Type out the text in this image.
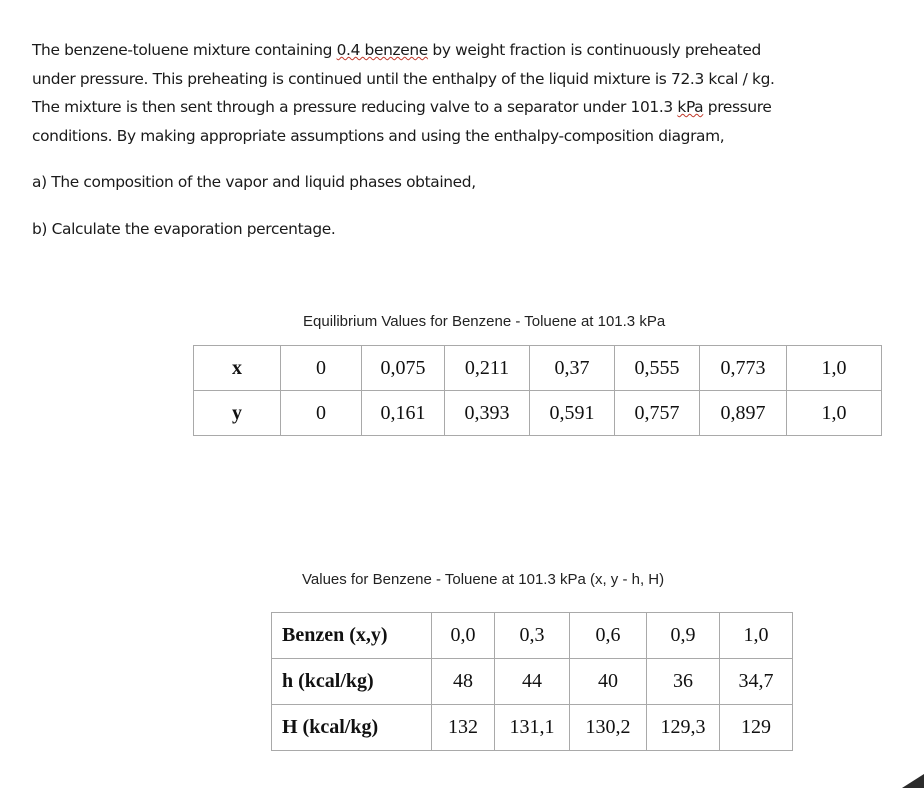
The benzene-toluene mixture containing 0.4 benzene by weight fraction is continuously preheated

under pressure. This preheating is continued until the enthalpy of the liquid mixture is 72.3 kcal / kg.

The mixture is then sent through a pressure reducing valve to a separator under 101.3 kPa pressure

conditions. By making appropriate assumptions and using the enthalpy-composition diagram,

a) The composition of the vapor and liquid phases obtained,

b) Calculate the evaporation percentage.

Equilibrium Values for Benzene - Toluene at 101.3 kPa
x	0	0,075	0,211	0,37	0,555	0,773	1,0
y	0	0,161	0,393	0,591	0,757	0,897	1,0
Values for Benzene - Toluene at 101.3 kPa (x, y - h, H)
Benzen (x,y)	0,0	0,3	0,6	0,9	1,0
h (kcal/kg)	48	44	40	36	34,7
H (kcal/kg)	132	131,1	130,2	129,3	129
